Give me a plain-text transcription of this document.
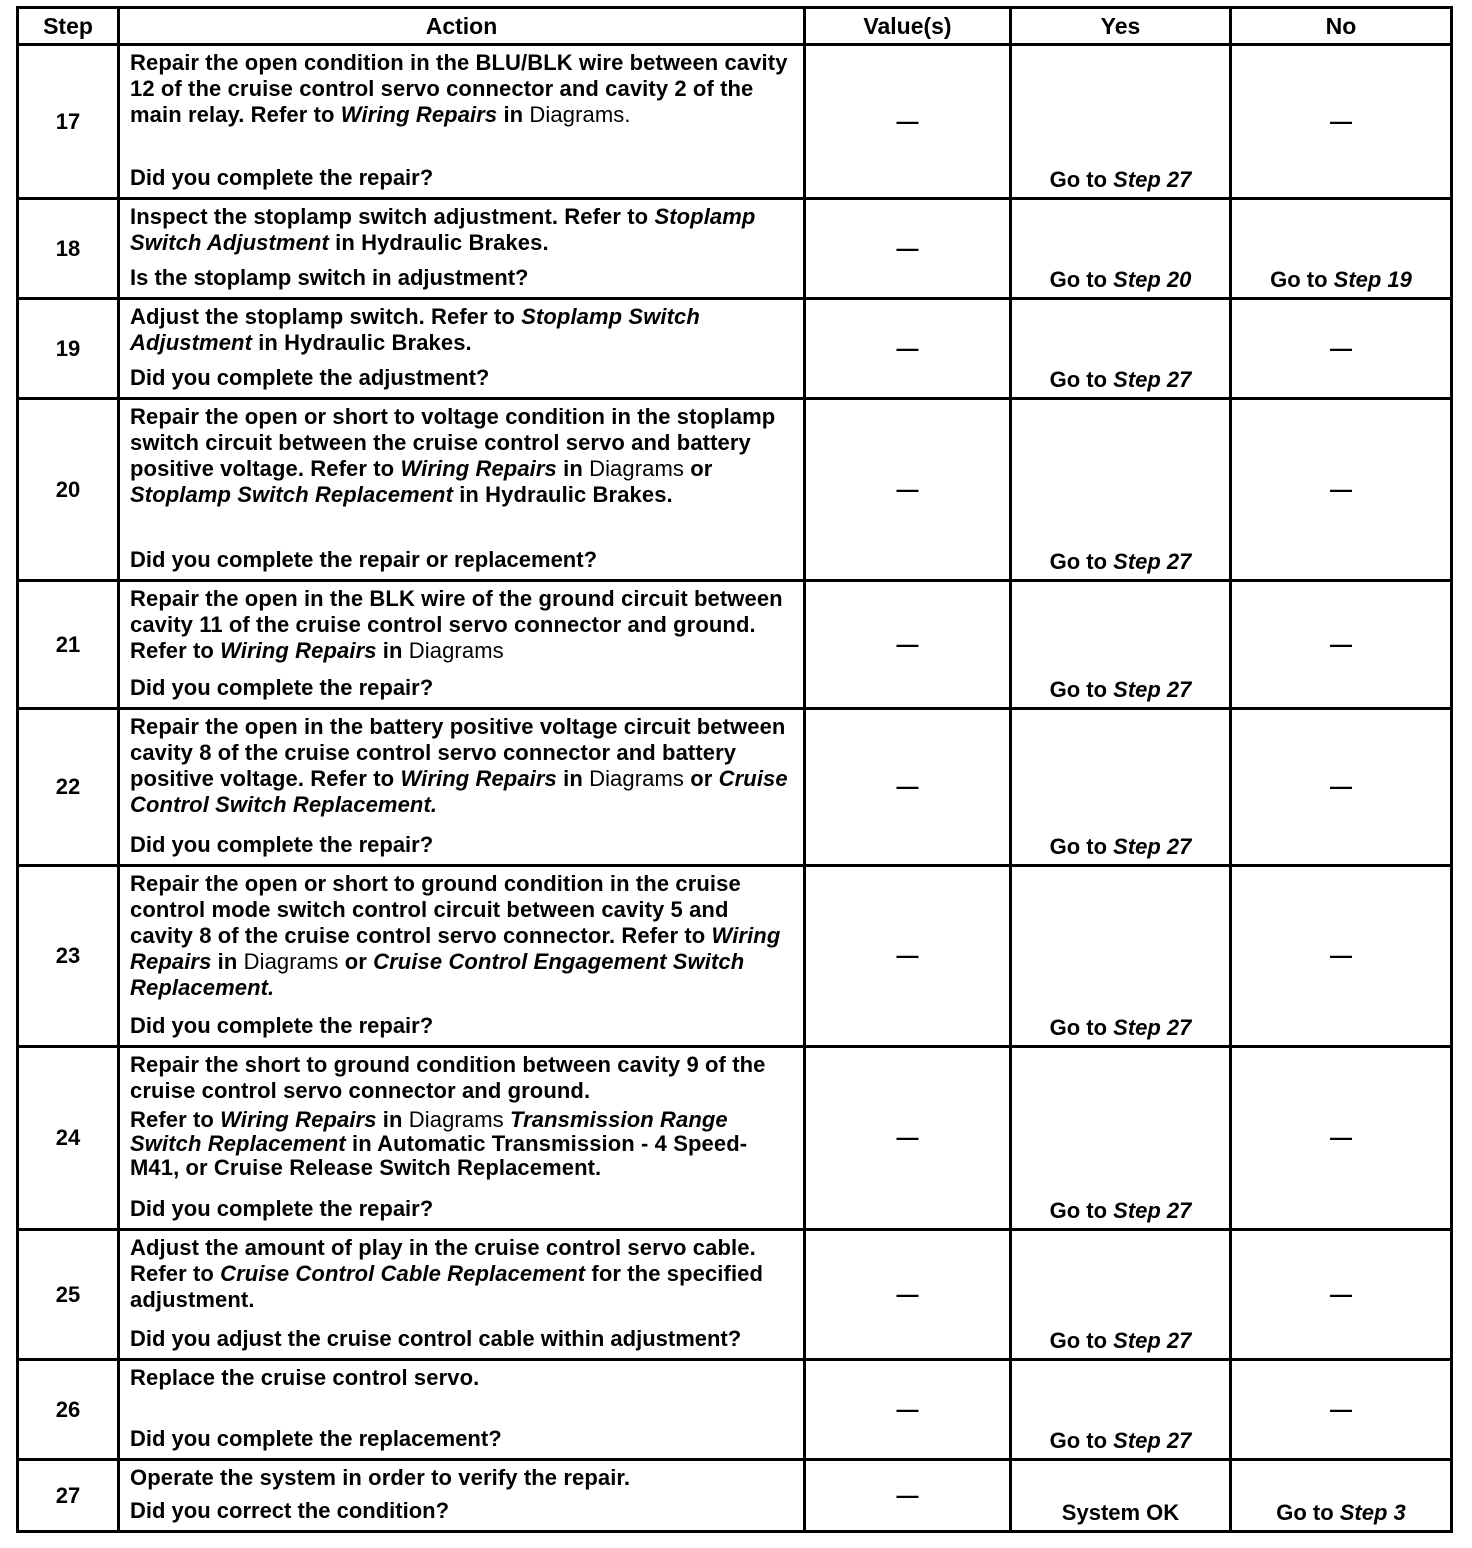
Step	Action	Value(s)	Yes	No
17	Repair the open condition in the BLU/BLK wire between cavity 12 of the cruise control servo connector and cavity 2 of the main relay. Refer to Wiring Repairs in Diagrams.
Did you complete the repair?	—	Go to Step 27	—
18	Inspect the stoplamp switch adjustment. Refer to Stoplamp Switch Adjustment in Hydraulic Brakes.
Is the stoplamp switch in adjustment?	—	Go to Step 20	Go to Step 19
19	Adjust the stoplamp switch. Refer to Stoplamp Switch Adjustment in Hydraulic Brakes.
Did you complete the adjustment?	—	Go to Step 27	—
20	Repair the open or short to voltage condition in the stoplamp switch circuit between the cruise control servo and battery positive voltage. Refer to Wiring Repairs in Diagrams or Stoplamp Switch Replacement in Hydraulic Brakes.
Did you complete the repair or replacement?	—	Go to Step 27	—
21	Repair the open in the BLK wire of the ground circuit between cavity 11 of the cruise control servo connector and ground. Refer to Wiring Repairs in Diagrams
Did you complete the repair?	—	Go to Step 27	—
22	Repair the open in the battery positive voltage circuit between cavity 8 of the cruise control servo connector and battery positive voltage. Refer to Wiring Repairs in Diagrams or Cruise Control Switch Replacement.
Did you complete the repair?	—	Go to Step 27	—
23	Repair the open or short to ground condition in the cruise control mode switch control circuit between cavity 5 and cavity 8 of the cruise control servo connector. Refer to Wiring Repairs in Diagrams or Cruise Control Engagement Switch Replacement.
Did you complete the repair?	—	Go to Step 27	—
24	Repair the short to ground condition between cavity 9 of the cruise control servo connector and ground.

Refer to Wiring Repairs in Diagrams Transmission Range Switch Replacement in Automatic Transmission - 4 Speed-M41, or Cruise Release Switch Replacement.

Did you complete the repair?	—	Go to Step 27	—
25	Adjust the amount of play in the cruise control servo cable. Refer to Cruise Control Cable Replacement for the specified adjustment.
Did you adjust the cruise control cable within adjustment?	—	Go to Step 27	—
26	Replace the cruise control servo.
Did you complete the replacement?	—	Go to Step 27	—
27	Operate the system in order to verify the repair.
Did you correct the condition?	—	System OK	Go to Step 3
